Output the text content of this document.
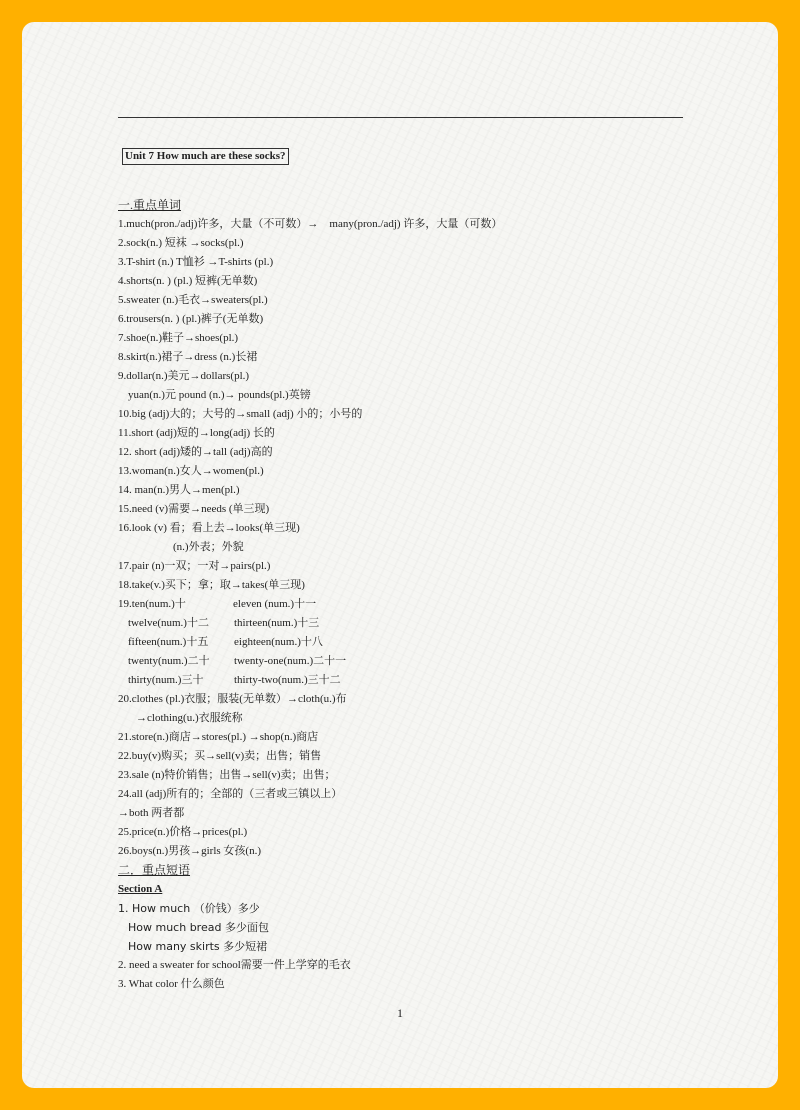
Unit 7 How much are these socks?
一.重点单词
1.much(pron./adj)许多，大量（不可数）→　many(pron./adj) 许多，大量（可数）
2.sock(n.) 短袜 →socks(pl.)
3.T-shirt (n.) T恤衫 →T-shirts (pl.)
4.shorts(n. ) (pl.) 短裤(无单数)
5.sweater (n.)毛衣→sweaters(pl.)
6.trousers(n. ) (pl.)裤子(无单数)
7.shoe(n.)鞋子→shoes(pl.)
8.skirt(n.)裙子→dress (n.)长裙
9.dollar(n.)美元→dollars(pl.)
yuan(n.)元 pound (n.)→ pounds(pl.)英镑
10.big (adj)大的；大号的→small (adj) 小的；小号的
11.short (adj)短的→long(adj) 长的
12. short (adj)矮的→tall (adj)高的
13.woman(n.)女人→women(pl.)
14. man(n.)男人→men(pl.)
15.need (v)需要→needs (单三现)
16.look (v) 看；看上去→looks(单三现)
(n.)外表；外貌
17.pair (n)一双；一对→pairs(pl.)
18.take(v.)买下；拿；取→takes(单三现)
19.ten(num.)十	eleven (num.)十一
twelve(num.)十二 thirteen(num.)十三
fifteen(num.)十五 eighteen(num.)十八
twenty(num.)二十 twenty-one(num.)二十一
thirty(num.)三十	thirty-two(num.)三十二
20.clothes (pl.)衣服；服装(无单数）→cloth(u.)布
→clothing(u.)衣服统称
21.store(n.)商店→stores(pl.) →shop(n.)商店
22.buy(v)购买；买→sell(v)卖；出售；销售
23.sale (n)特价销售；出售→sell(v)卖；出售；
24.all (adj)所有的；全部的（三者或三镇以上）
→both 两者都
25.price(n.)价格→prices(pl.)
26.boys(n.)男孩→girls 女孩(n.)
二．重点短语
Section A
1. How much （价钱）多少
How much bread 多少面包
How many skirts 多少短裙
2. need a sweater for school需要一件上学穿的毛衣
3. What color 什么颜色
1
